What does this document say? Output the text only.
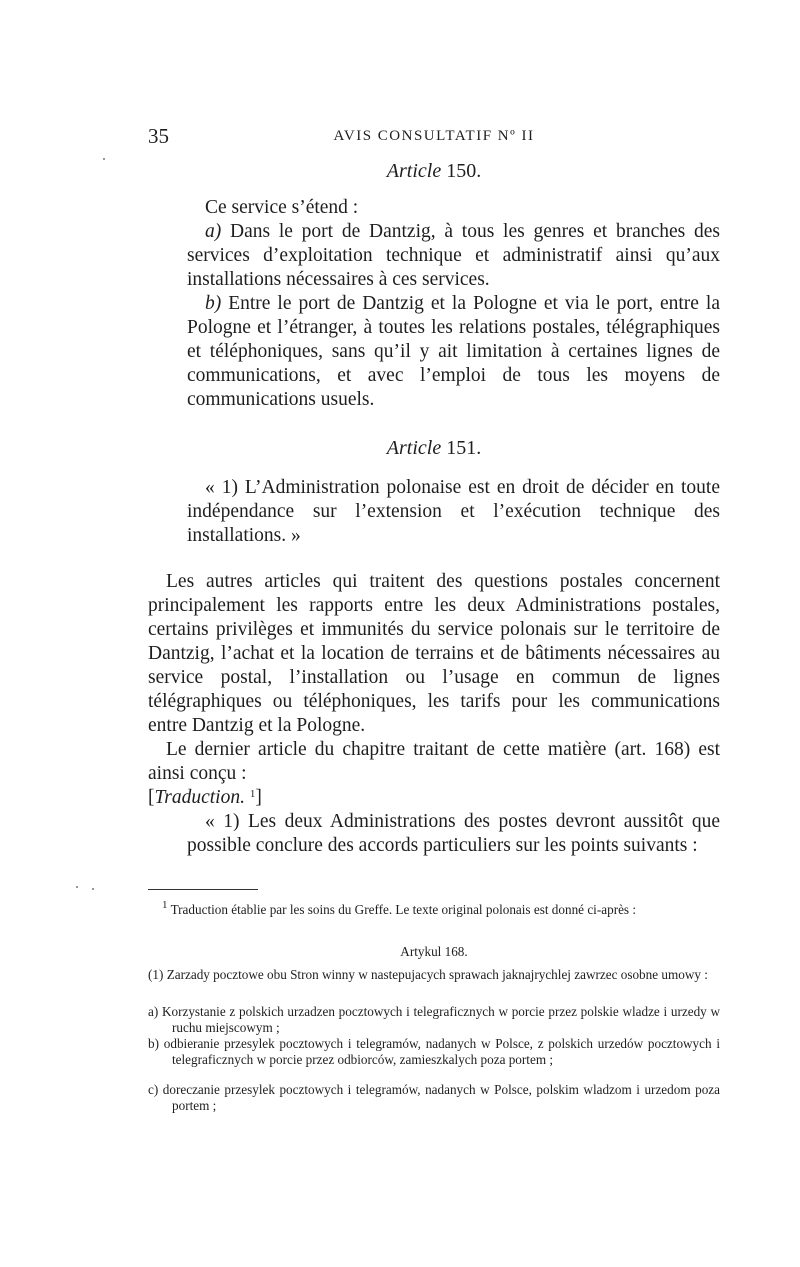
35	AVIS CONSULTATIF Nº II
Article 150.

Ce service s’étend :

a) Dans le port de Dantzig, à tous les genres et branches des services d’exploitation technique et administratif ainsi qu’aux installations nécessaires à ces services.

b) Entre le port de Dantzig et la Pologne et via le port, entre la Pologne et l’étranger, à toutes les relations postales, télégraphiques et téléphoniques, sans qu’il y ait limitation à certaines lignes de communications, et avec l’emploi de tous les moyens de communications usuels.

Article 151.

« 1) L’Administration polonaise est en droit de décider en toute indépendance sur l’extension et l’exécution technique des installations. »

Les autres articles qui traitent des questions postales concernent principalement les rapports entre les deux Administrations postales, certains privilèges et immunités du service polonais sur le territoire de Dantzig, l’achat et la location de terrains et de bâtiments nécessaires au service postal, l’installation ou l’usage en commun de lignes télégraphiques ou téléphoniques, les tarifs pour les communications entre Dantzig et la Pologne.

Le dernier article du chapitre traitant de cette matière (art. 168) est ainsi conçu :

[Traduction. $^1$]

« 1) Les deux Administrations des postes devront aussitôt que possible conclure des accords particuliers sur les points suivants :

$^1$ Traduction établie par les soins du Greffe. Le texte original polonais est donné ci-après :

Artykul 168.

(1) Zarzady pocztowe obu Stron winny w nastepujacych sprawach jaknajrychlej zawrzec osobne umowy :

a) Korzystanie z polskich urzadzen pocztowych i telegraficznych w porcie przez polskie wladze i urzedy w ruchu miejscowym ;

b) odbieranie przesylek pocztowych i telegramów, nadanych w Polsce, z polskich urzedów pocztowych i telegraficznych w porcie przez odbiorców, zamieszkalych poza portem ;

c) doreczanie przesylek pocztowych i telegramów, nadanych w Polsce, polskim wladzom i urzedom poza portem ;
